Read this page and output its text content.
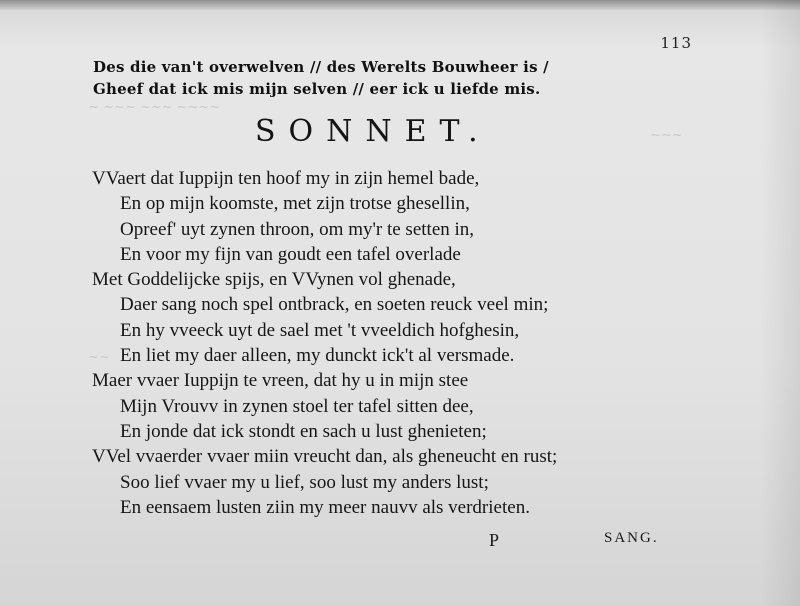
~ ~~~ ~~~ ~~~~
~~~
~~
113
Des die van't overwelven // des Werelts Bouwheer is /
Gheef dat ick mis mijn selven // eer ick u liefde mis.
SONNET.
VVaert dat Iuppijn ten hoof my in zijn hemel bade,
En op mijn koomste, met zijn trotse ghesellin,
Opreef' uyt zynen throon, om my'r te setten in,
En voor my fijn van goudt een tafel overlade
Met Goddelijcke spijs, en VVynen vol ghenade,
Daer sang noch spel ontbrack, en soeten reuck veel min;
En hy vveeck uyt de sael met 't vveeldich hofghesin,
En liet my daer alleen, my dunckt ick't al versmade.
Maer vvaer Iuppijn te vreen, dat hy u in mijn stee
Mijn Vrouvv in zynen stoel ter tafel sitten dee,
En jonde dat ick stondt en sach u lust ghenieten;
VVel vvaerder vvaer miin vreucht dan, als gheneucht en rust;
Soo lief vvaer my u lief, soo lust my anders lust;
En eensaem lusten ziin my meer nauvv als verdrieten.
P	SANG.
